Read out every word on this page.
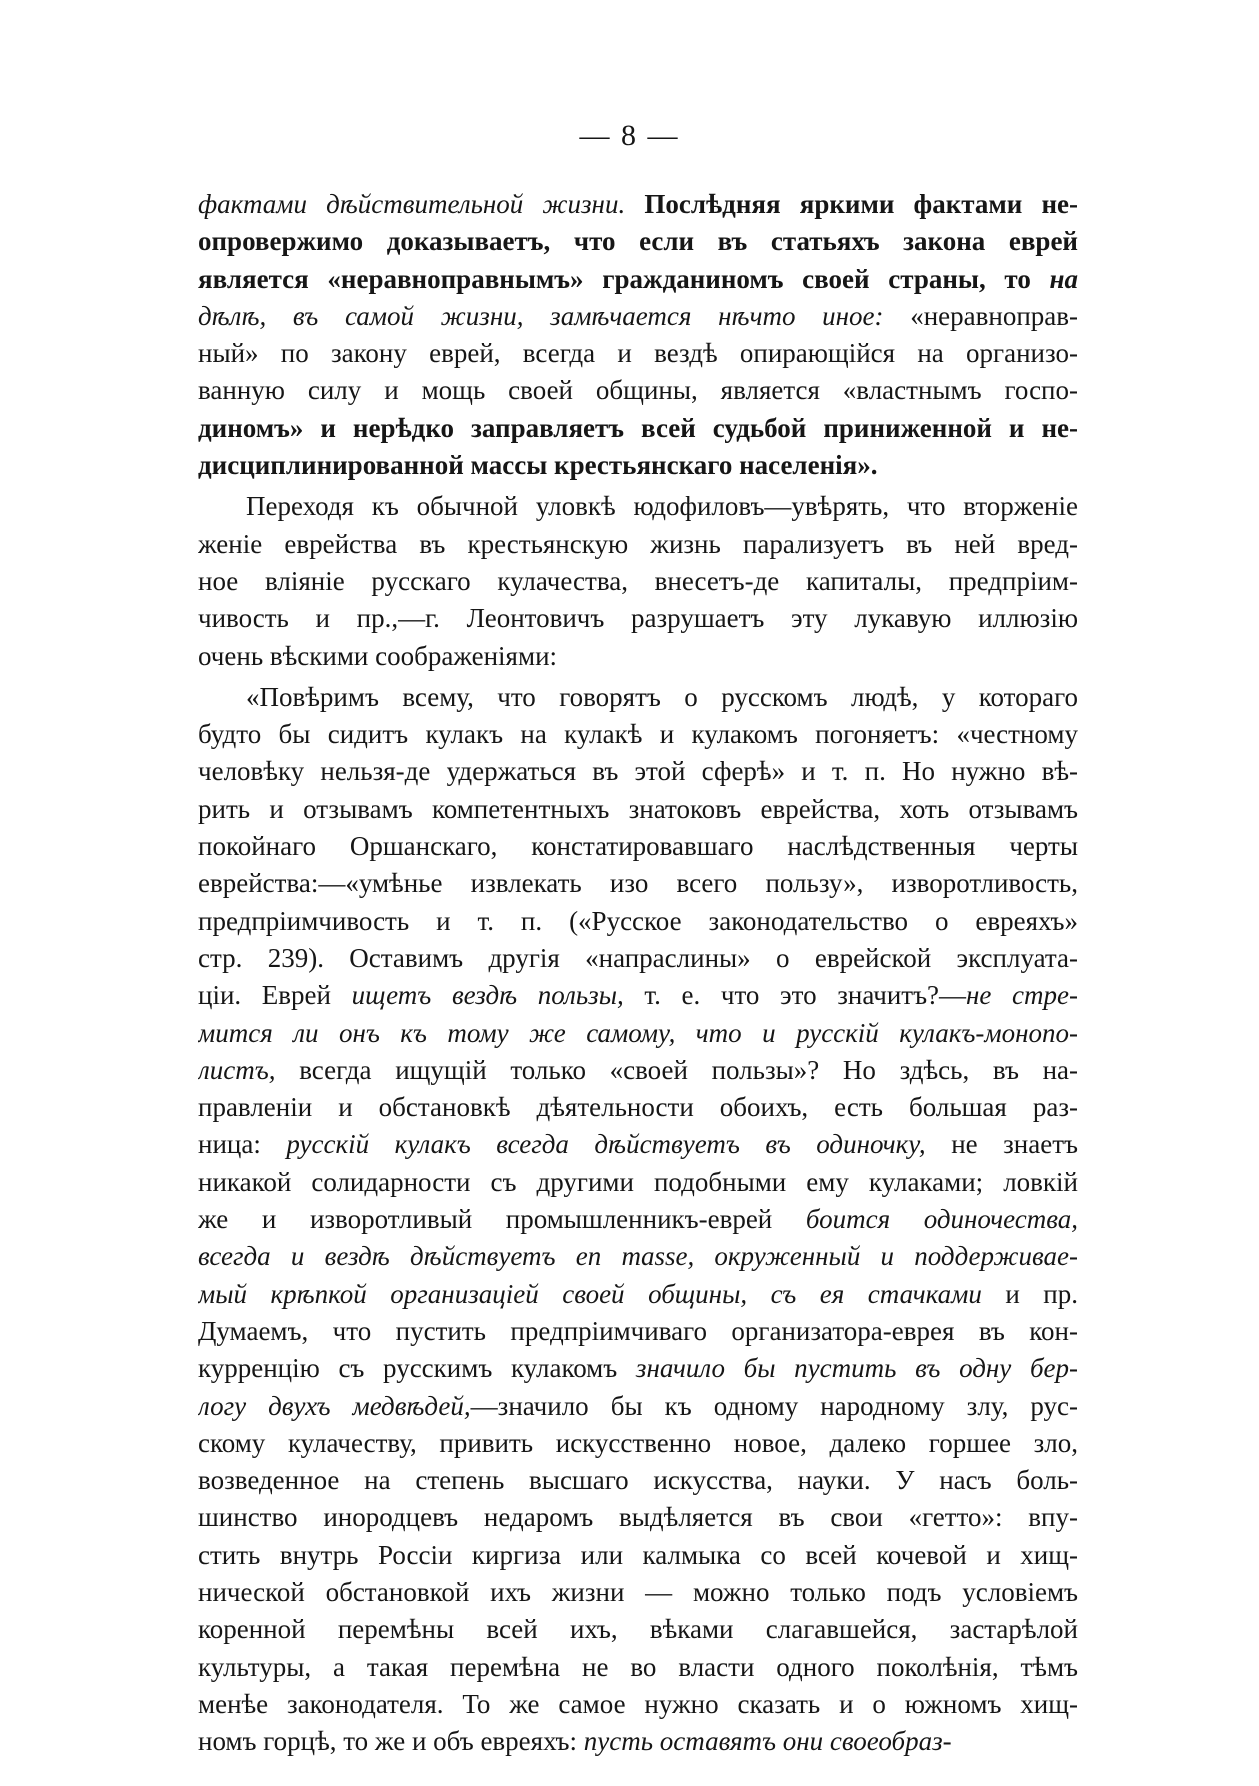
— 8 —
фактами дѣйствительной жизни. Послѣдняя яркими фактами не-
опровержимо доказываетъ, что если въ статьяхъ закона еврей
является «неравноправнымъ» гражданиномъ своей страны, то на
дѣлѣ, въ самой жизни, замѣчается нѣчто иное: «неравноправ-
ный» по закону еврей, всегда и вездѣ опирающійся на организо-
ванную силу и мощь своей общины, является «властнымъ госпо-
диномъ» и нерѣдко заправляетъ всей судьбой приниженной и не-
дисциплинированной массы крестьянскаго населенія».
Переходя къ обычной уловкѣ юдофиловъ—увѣрять, что вторженіе
женіе еврейства въ крестьянскую жизнь парализуетъ въ ней вред-
ное вліяніе русскаго кулачества, внесетъ-де капиталы, предпріим-
чивость и пр.,—г. Леонтовичъ разрушаетъ эту лукавую иллюзію
очень вѣскими соображеніями:
«Повѣримъ всему, что говорятъ о русскомъ людѣ, у котораго
будто бы сидитъ кулакъ на кулакѣ и кулакомъ погоняетъ: «честному
человѣку нельзя-де удержаться въ этой сферѣ» и т. п. Но нужно вѣ-
рить и отзывамъ компетентныхъ знатоковъ еврейства, хоть отзывамъ
покойнаго Оршанскаго, констатировавшаго наслѣдственныя черты
еврейства:—«умѣнье извлекать изо всего пользу», изворотливость,
предпріимчивость и т. п. («Русское законодательство о евреяхъ»
стр. 239). Оставимъ другія «напраслины» о еврейской эксплуата-
ціи. Еврей ищетъ вездѣ пользы, т. е. что это значитъ?—не стре-
мится ли онъ къ тому же самому, что и русскій кулакъ-монопо-
листъ, всегда ищущій только «своей пользы»? Но здѣсь, въ на-
правленіи и обстановкѣ дѣятельности обоихъ, есть большая раз-
ница: русскій кулакъ всегда дѣйствуетъ въ одиночку, не знаетъ
никакой солидарности съ другими подобными ему кулаками; ловкій
же и изворотливый промышленникъ-еврей боится одиночества,
всегда и вездѣ дѣйствуетъ en masse, окруженный и поддерживае-
мый крѣпкой организаціей своей общины, съ ея стачками и пр.
Думаемъ, что пустить предпріимчиваго организатора-еврея въ кон-
курренцію съ русскимъ кулакомъ значило бы пустить въ одну бер-
логу двухъ медвѣдей,—значило бы къ одному народному злу, рус-
скому кулачеству, привить искусственно новое, далеко горшее зло,
возведенное на степень высшаго искусства, науки. У насъ боль-
шинство инородцевъ недаромъ выдѣляется въ свои «гетто»: впу-
стить внутрь Россіи киргиза или калмыка со всей кочевой и хищ-
нической обстановкой ихъ жизни — можно только подъ условіемъ
коренной перемѣны всей ихъ, вѣками слагавшейся, застарѣлой
культуры, а такая перемѣна не во власти одного поколѣнія, тѣмъ
менѣе законодателя. То же самое нужно сказать и о южномъ хищ-
номъ горцѣ, то же и объ евреяхъ: пусть оставятъ они своеобраз-
